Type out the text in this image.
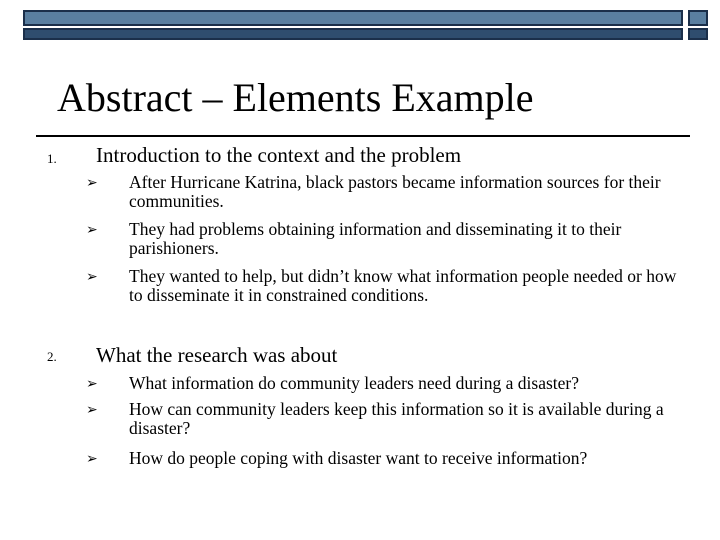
Abstract – Elements Example
1. Introduction to the context and the problem
➢ After Hurricane Katrina, black pastors became information sources for their communities.
➢ They had problems obtaining information and disseminating it to their parishioners.
➢ They wanted to help, but didn’t know what information people needed or how to disseminate it in constrained conditions.
2. What the research was about
➢ What information do community leaders need during a disaster?
➢ How can community leaders keep this information so it is available during a disaster?
➢ How do people coping with disaster want to receive information?
